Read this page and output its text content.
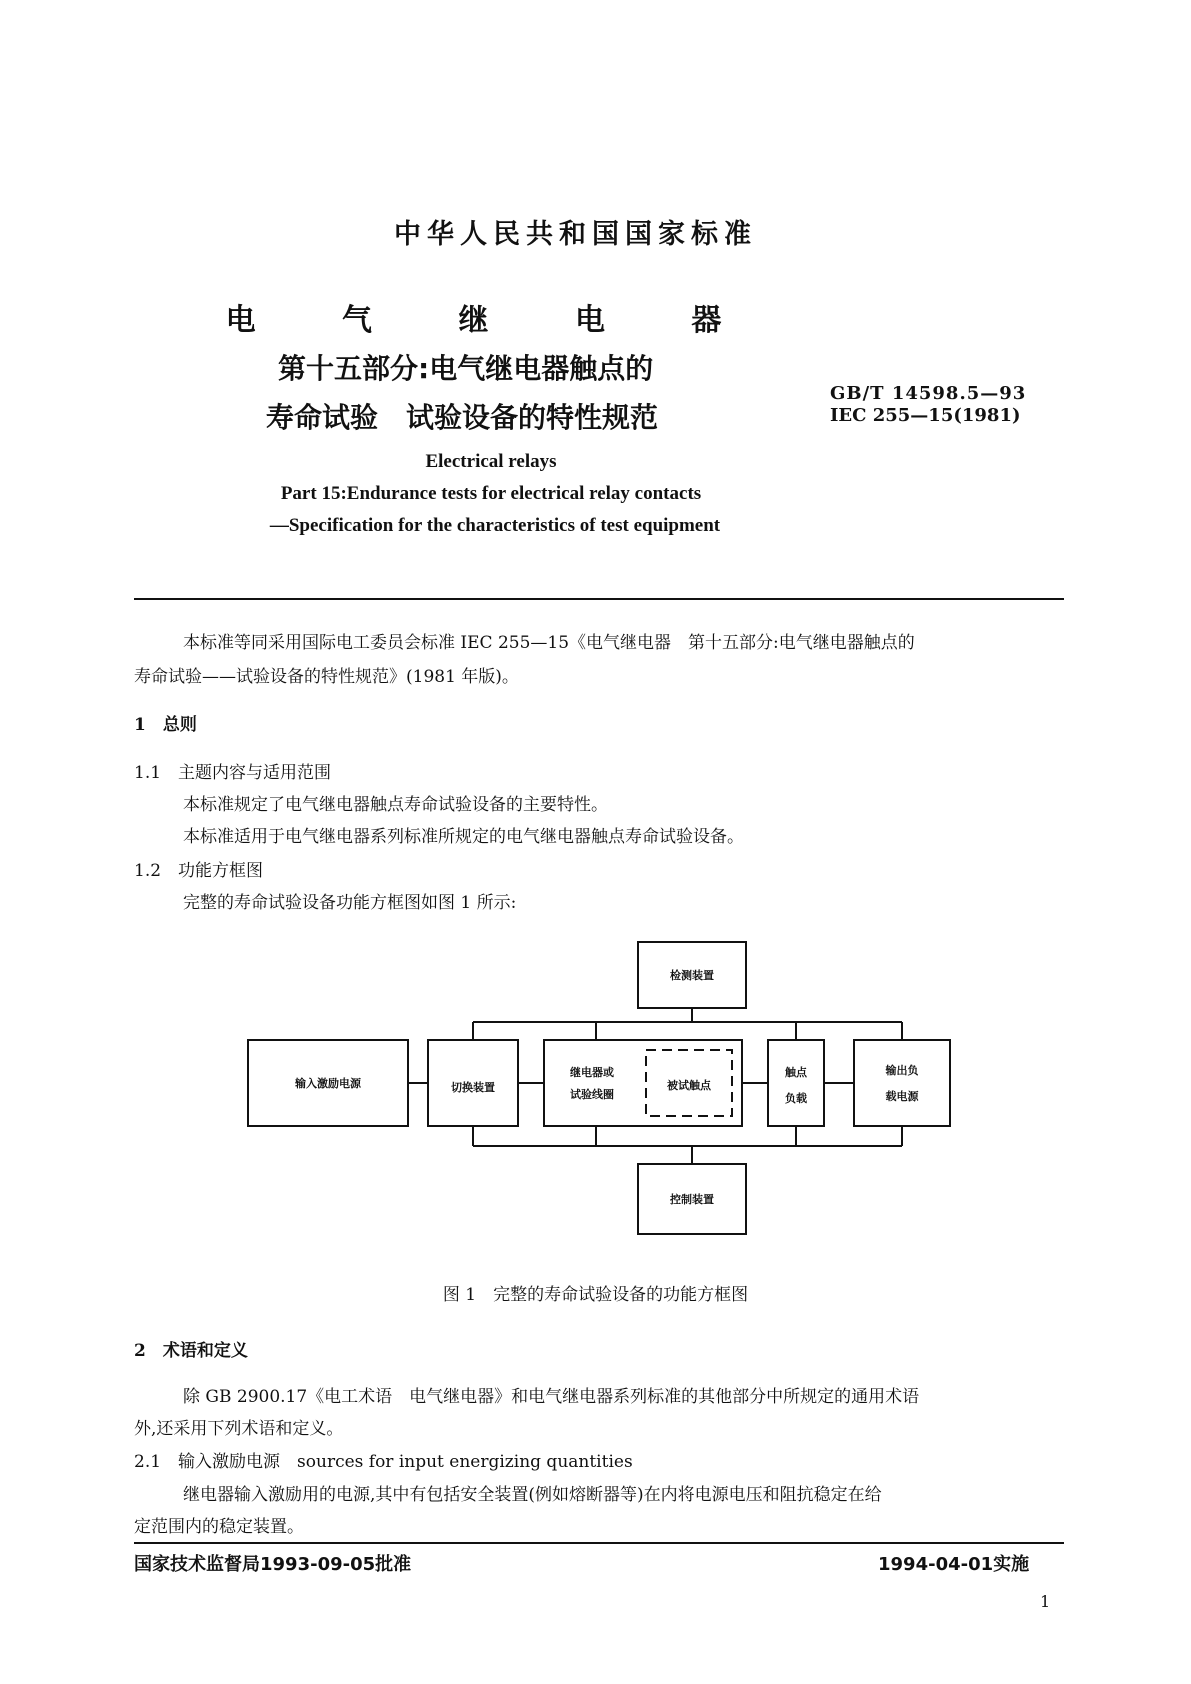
中华人民共和国国家标准
电 气 继 电 器
第十五部分:电气继电器触点的
寿命试验　试验设备的特性规范
GB/T 14598.5—93
IEC 255—15(1981)
Electrical relays
Part 15:Endurance tests for electrical relay contacts
—Specification for the characteristics of test equipment
本标准等同采用国际电工委员会标准 IEC 255—15《电气继电器　第十五部分:电气继电器触点的
寿命试验——试验设备的特性规范》(1981 年版)。
1　总则
1.1　主题内容与适用范围
本标准规定了电气继电器触点寿命试验设备的主要特性。
本标准适用于电气继电器系列标准所规定的电气继电器触点寿命试验设备。
1.2　功能方框图
完整的寿命试验设备功能方框图如图 1 所示:
检测装置
输入激励电源	切换装置
继电器或
试验线圈
被试触点
触点
负载
输出负
载电源
控制装置
图 1　完整的寿命试验设备的功能方框图
2　术语和定义
除 GB 2900.17《电工术语　电气继电器》和电气继电器系列标准的其他部分中所规定的通用术语
外,还采用下列术语和定义。
2.1　输入激励电源　sources for input energizing quantities
继电器输入激励用的电源,其中有包括安全装置(例如熔断器等)在内将电源电压和阻抗稳定在给
定范围内的稳定装置。
国家技术监督局1993-09-05批准	1994-04-01实施
1
